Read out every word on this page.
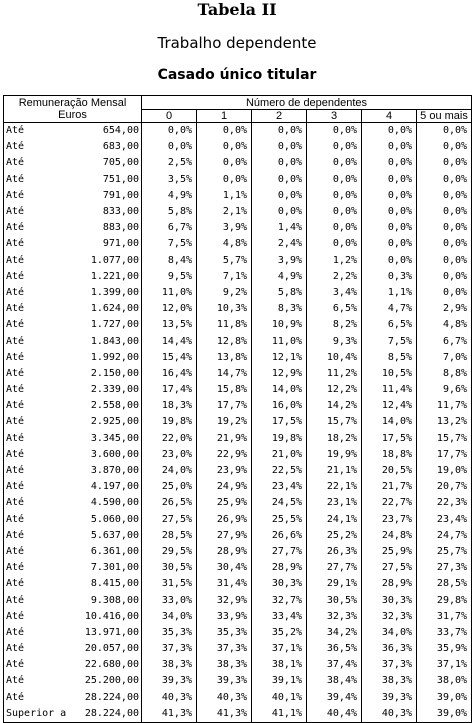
Tabela II
Trabalho dependente
Casado único titular
Remuneração Mensal
Euros	Número de dependentes					
	0	1	2	3	4	5 ou mais

Até 654,00	0,0%	0,0%	0,0%	0,0%	0,0%	0,0%

Até 683,00	0,0%	0,0%	0,0%	0,0%	0,0%	0,0%

Até 705,00	2,5%	0,0%	0,0%	0,0%	0,0%	0,0%

Até 751,00	3,5%	0,0%	0,0%	0,0%	0,0%	0,0%

Até 791,00	4,9%	1,1%	0,0%	0,0%	0,0%	0,0%

Até 833,00	5,8%	2,1%	0,0%	0,0%	0,0%	0,0%

Até 883,00	6,7%	3,9%	1,4%	0,0%	0,0%	0,0%

Até 971,00	7,5%	4,8%	2,4%	0,0%	0,0%	0,0%

Até 1.077,00	8,4%	5,7%	3,9%	1,2%	0,0%	0,0%

Até 1.221,00	9,5%	7,1%	4,9%	2,2%	0,3%	0,0%

Até 1.399,00	11,0%	9,2%	5,8%	3,4%	1,1%	0,0%

Até 1.624,00	12,0%	10,3%	8,3%	6,5%	4,7%	2,9%

Até 1.727,00	13,5%	11,8%	10,9%	8,2%	6,5%	4,8%

Até 1.843,00	14,4%	12,8%	11,0%	9,3%	7,5%	6,7%

Até 1.992,00	15,4%	13,8%	12,1%	10,4%	8,5%	7,0%

Até 2.150,00	16,4%	14,7%	12,9%	11,2%	10,5%	8,8%

Até 2.339,00	17,4%	15,8%	14,0%	12,2%	11,4%	9,6%

Até 2.558,00	18,3%	17,7%	16,0%	14,2%	12,4%	11,7%

Até 2.925,00	19,8%	19,2%	17,5%	15,7%	14,0%	13,2%

Até 3.345,00	22,0%	21,9%	19,8%	18,2%	17,5%	15,7%

Até 3.600,00	23,0%	22,9%	21,0%	19,9%	18,8%	17,7%

Até 3.870,00	24,0%	23,9%	22,5%	21,1%	20,5%	19,0%

Até 4.197,00	25,0%	24,9%	23,4%	22,1%	21,7%	20,7%

Até 4.590,00	26,5%	25,9%	24,5%	23,1%	22,7%	22,3%

Até 5.060,00	27,5%	26,9%	25,5%	24,1%	23,7%	23,4%

Até 5.637,00	28,5%	27,9%	26,6%	25,2%	24,8%	24,7%

Até 6.361,00	29,5%	28,9%	27,7%	26,3%	25,9%	25,7%

Até 7.301,00	30,5%	30,4%	28,9%	27,7%	27,5%	27,3%

Até 8.415,00	31,5%	31,4%	30,3%	29,1%	28,9%	28,5%

Até 9.308,00	33,0%	32,9%	32,7%	30,5%	30,3%	29,8%

Até 10.416,00	34,0%	33,9%	33,4%	32,3%	32,3%	31,7%

Até 13.971,00	35,3%	35,3%	35,2%	34,2%	34,0%	33,7%

Até 20.057,00	37,3%	37,3%	37,1%	36,5%	36,3%	35,9%

Até 22.680,00	38,3%	38,3%	38,1%	37,4%	37,3%	37,1%

Até 25.200,00	39,3%	39,3%	39,1%	38,4%	38,3%	38,0%

Até 28.224,00	40,3%	40,3%	40,1%	39,4%	39,3%	39,0%

Superior a 28.224,00	41,3%	41,3%	41,1%	40,4%	40,3%	39,0%
